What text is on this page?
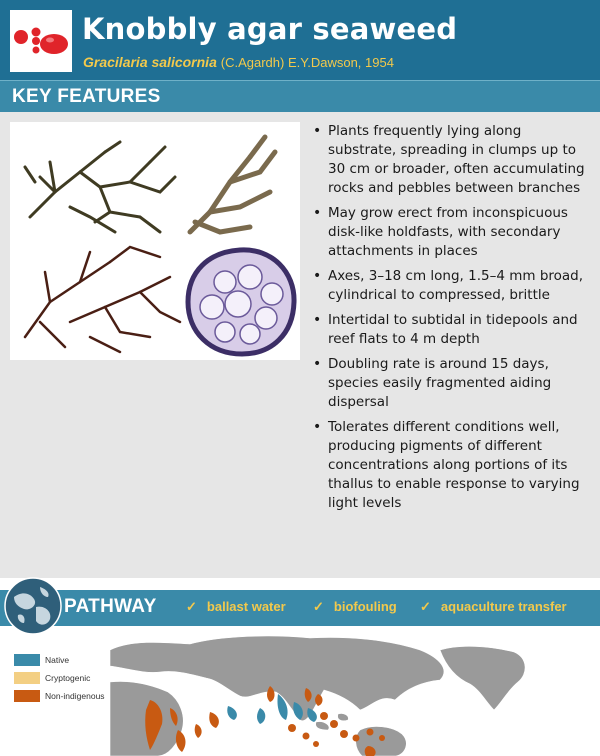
Knobbly agar seaweed
Gracilaria salicornia (C.Agardh) E.Y.Dawson, 1954
KEY FEATURES
• Plants frequently lying along substrate, spreading in clumps up to 30 cm or broader, often accumulating rocks and pebbles between branches
• May grow erect from inconspicuous disk-like holdfasts, with secondary attachments in places
• Axes, 3–18 cm long, 1.5–4 mm broad, cylindrical to compressed, brittle
• Intertidal to subtidal in tidepools and reef flats to 4 m depth
• Doubling rate is around 15 days, species easily fragmented aiding dispersal
• Tolerates different conditions well, producing pigments of different concentrations along portions of its thallus to enable response to varying light levels
PATHWAY ✓ ballast water ✓ biofouling ✓ aquaculture transfer
Native
Cryptogenic
Non-indigenous
